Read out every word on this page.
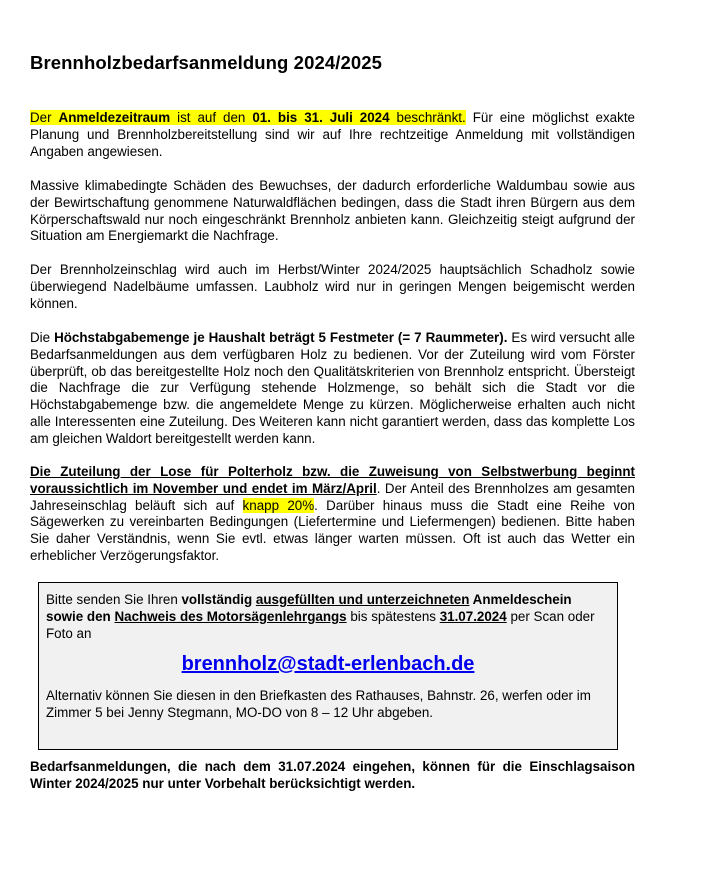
Brennholzbedarfsanmeldung 2024/2025

Der Anmeldezeitraum ist auf den 01. bis 31. Juli 2024 beschränkt. Für eine möglichst exakte Planung und Brennholzbereitstellung sind wir auf Ihre rechtzeitige Anmeldung mit vollständigen Angaben angewiesen.

Massive klimabedingte Schäden des Bewuchses, der dadurch erforderliche Waldumbau sowie aus der Bewirtschaftung genommene Naturwaldflächen bedingen, dass die Stadt ihren Bürgern aus dem Körperschaftswald nur noch eingeschränkt Brennholz anbieten kann. Gleichzeitig steigt aufgrund der Situation am Energiemarkt die Nachfrage.

Der Brennholzeinschlag wird auch im Herbst/Winter 2024/2025 hauptsächlich Schadholz sowie überwiegend Nadelbäume umfassen. Laubholz wird nur in geringen Mengen beigemischt werden können.

Die Höchstabgabemenge je Haushalt beträgt 5 Festmeter (= 7 Raummeter). Es wird versucht alle Bedarfsanmeldungen aus dem verfügbaren Holz zu bedienen. Vor der Zuteilung wird vom Förster überprüft, ob das bereitgestellte Holz noch den Qualitätskriterien von Brennholz entspricht. Übersteigt die Nachfrage die zur Verfügung stehende Holzmenge, so behält sich die Stadt vor die Höchstabgabemenge bzw. die angemeldete Menge zu kürzen. Möglicherweise erhalten auch nicht alle Interessenten eine Zuteilung. Des Weiteren kann nicht garantiert werden, dass das komplette Los am gleichen Waldort bereitgestellt werden kann.

Die Zuteilung der Lose für Polterholz bzw. die Zuweisung von Selbstwerbung beginnt voraussichtlich im November und endet im März/April. Der Anteil des Brennholzes am gesamten Jahreseinschlag beläuft sich auf knapp 20%. Darüber hinaus muss die Stadt eine Reihe von Sägewerken zu vereinbarten Bedingungen (Liefertermine und Liefermengen) bedienen. Bitte haben Sie daher Verständnis, wenn Sie evtl. etwas länger warten müssen. Oft ist auch das Wetter ein erheblicher Verzögerungsfaktor.

Bitte senden Sie Ihren vollständig ausgefüllten und unterzeichneten Anmeldeschein sowie den Nachweis des Motorsägenlehrgangs bis spätestens 31.07.2024 per Scan oder Foto an

brennholz@stadt-erlenbach.de

Alternativ können Sie diesen in den Briefkasten des Rathauses, Bahnstr. 26, werfen oder im Zimmer 5 bei Jenny Stegmann, MO-DO von 8 – 12 Uhr abgeben.

Bedarfsanmeldungen, die nach dem 31.07.2024 eingehen, können für die Einschlagsaison Winter 2024/2025 nur unter Vorbehalt berücksichtigt werden.
